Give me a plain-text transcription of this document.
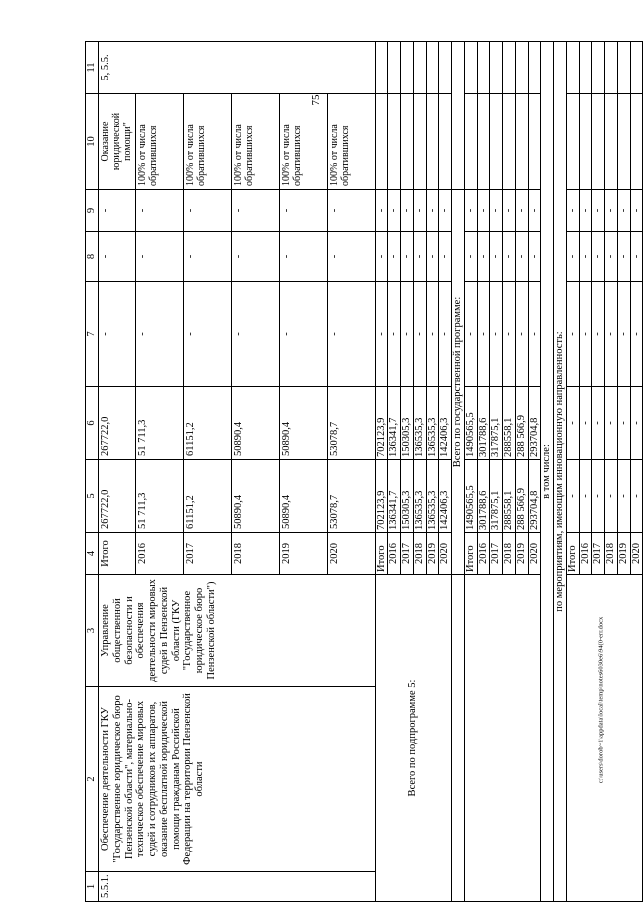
75
c:\users\dorob~1\appdata\local\temp\notes6030e6\94(0-err.docx
1	2	3	4	5	6	7	8	9	10	11
5.5.1.	Обеспечение деятельности ГКУ "Государственное юридическое бюро Пензенской области", материально- техническое обеспечение мировых судей и сотрудников их аппаратов, оказание бесплатной юридической помощи гражданам Российской Федерации на территории Пензенской области	Управление общественной безопасности и обеспечения деятельности мировых судей в Пензенской области (ГКУ "Государственное юридическое бюро Пензенской области")	Итого	267722,0	267722,0	-	-	-	Оказание юридической помощи"	5, 5.5.
			2016	51 711,3	51 711,3	-	-	-	100% от числа обратившихся	
			2017	61151,2	61151,2	-	-	-	100% от числа обратившихся	
			2018	50890,4	50890,4	-	-	-	100% от числа обратившихся	
			2019	50890,4	50890,4	-	-	-	100% от числа обратившихся	
			2020	53078,7	53078,7	-	-	-	100% от числа обратившихся	
Всего по подпрограмме 5:			Итого	702123,9	702123,9	-	-	-		
			2016	136341,7	136341,7	-	-	-		
			2017	150305,3	150305,3	-	-	-		
			2018	136535,3	136535,3	-	-	-		
			2019	136535,3	136535,3	-	-	-		
			2020	142406,3	142406,3	-	-	-		
			Всего по государственной программе:							
			Итого	1490565,5	1490565,5	-	-	-		
			2016	301788,6	301788,6	-	-	-		
			2017	317875,1	317875,1	-	-	-		
			2018	288558,1	288558,1	-	-	-		
			2019	288 566,9	288 566,9	-	-	-		
			2020	293704,8	293704,8	-	-	-		
в том числе:										
по мероприятиям, имеющим инновационную направленность:										
			Итого	-	-	-	-	-		
			2016	-	-	-	-	-		
			2017	-	-	-	-	-		
			2018	-	-	-	-	-		
			2019	-	-	-	-	-		
			2020	-	-	-	-	-		
